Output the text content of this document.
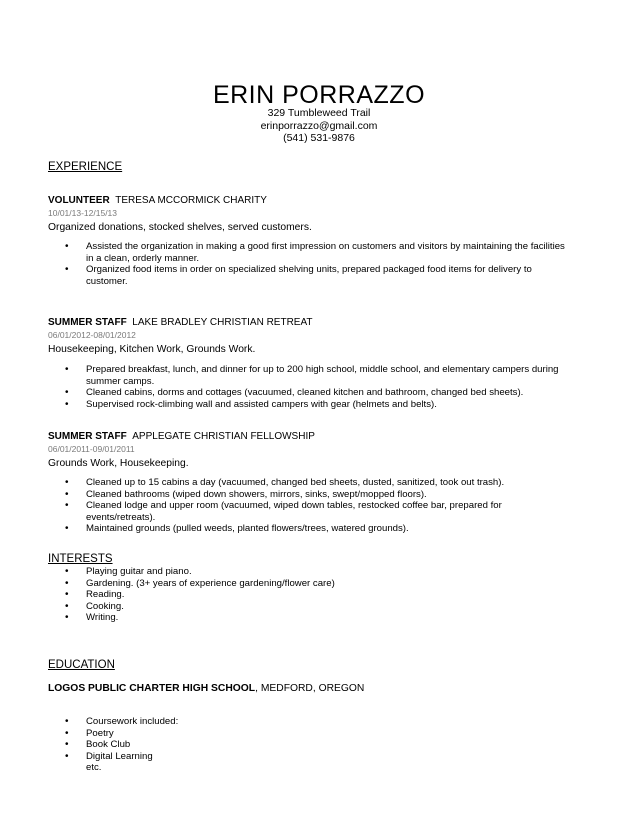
ERIN PORRAZZO
329 Tumbleweed Trail
erinporrazzo@gmail.com
(541) 531-9876
EXPERIENCE
VOLUNTEER TERESA MCCORMICK CHARITY
10/01/13-12/15/13
Organized donations, stocked shelves, served customers.
• Assisted the organization in making a good first impression on customers and visitors by maintaining the facilities in a clean, orderly manner.
• Organized food items in order on specialized shelving units, prepared packaged food items for delivery to customer.
SUMMER STAFF LAKE BRADLEY CHRISTIAN RETREAT
06/01/2012-08/01/2012
Housekeeping, Kitchen Work, Grounds Work.
• Prepared breakfast, lunch, and dinner for up to 200 high school, middle school, and elementary campers during summer camps.
• Cleaned cabins, dorms and cottages (vacuumed, cleaned kitchen and bathroom, changed bed sheets).
• Supervised rock-climbing wall and assisted campers with gear (helmets and belts).
SUMMER STAFF APPLEGATE CHRISTIAN FELLOWSHIP
06/01/2011-09/01/2011
Grounds Work, Housekeeping.
• Cleaned up to 15 cabins a day (vacuumed, changed bed sheets, dusted, sanitized, took out trash).
• Cleaned bathrooms (wiped down showers, mirrors, sinks, swept/mopped floors).
• Cleaned lodge and upper room (vacuumed, wiped down tables, restocked coffee bar, prepared for events/retreats).
• Maintained grounds (pulled weeds, planted flowers/trees, watered grounds).
INTERESTS
• Playing guitar and piano.
• Gardening. (3+ years of experience gardening/flower care)
• Reading.
• Cooking.
• Writing.
EDUCATION
LOGOS PUBLIC CHARTER HIGH SCHOOL, MEDFORD, OREGON
• Coursework included:
• Poetry
• Book Club
• Digital Learning
etc.
